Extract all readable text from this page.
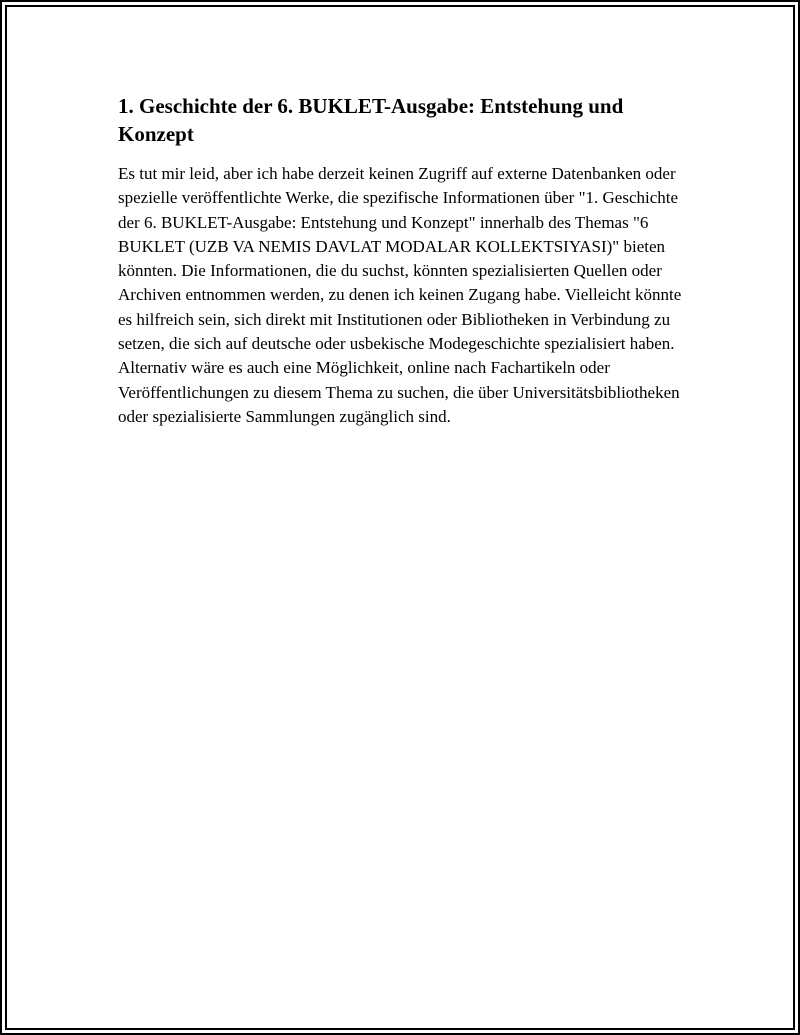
1. Geschichte der 6. BUKLET-Ausgabe: Entstehung und Konzept

Es tut mir leid, aber ich habe derzeit keinen Zugriff auf externe Datenbanken oder spezielle veröffentlichte Werke, die spezifische Informationen über "1. Geschichte der 6. BUKLET-Ausgabe: Entstehung und Konzept" innerhalb des Themas "6 BUKLET (UZB VA NEMIS DAVLAT MODALAR KOLLEKTSIYASI)" bieten könnten. Die Informationen, die du suchst, könnten spezialisierten Quellen oder Archiven entnommen werden, zu denen ich keinen Zugang habe. Vielleicht könnte es hilfreich sein, sich direkt mit Institutionen oder Bibliotheken in Verbindung zu setzen, die sich auf deutsche oder usbekische Modegeschichte spezialisiert haben. Alternativ wäre es auch eine Möglichkeit, online nach Fachartikeln oder Veröffentlichungen zu diesem Thema zu suchen, die über Universitätsbibliotheken oder spezialisierte Sammlungen zugänglich sind.
